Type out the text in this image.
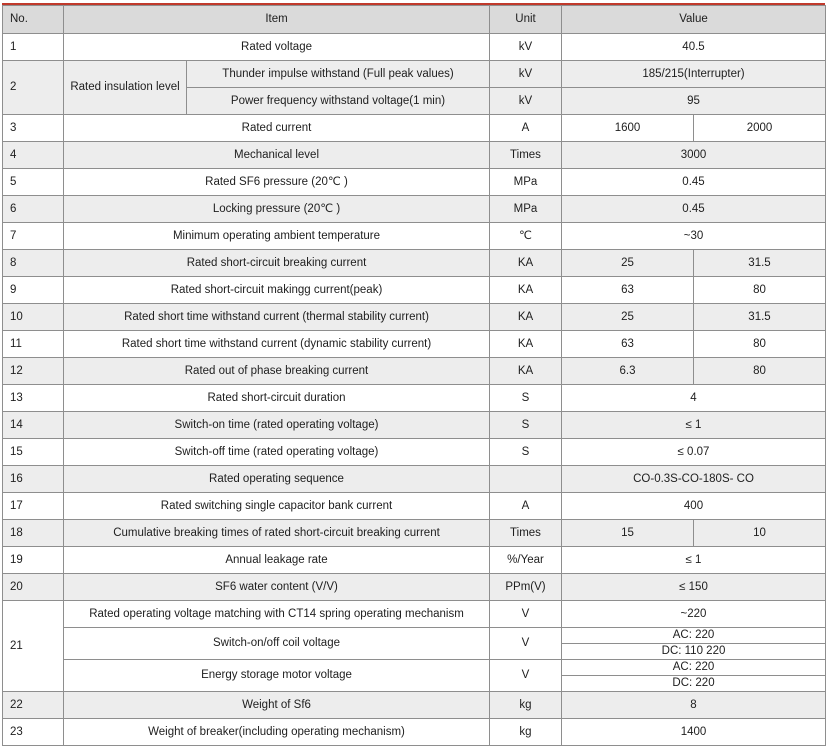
No.	Item		Unit	Value	
1	Rated voltage		kV	40.5	
2	Rated insulation level	Thunder impulse withstand (Full peak values)	kV	185/215(Interrupter)	
		Power frequency withstand voltage(1 min)	kV	95	
3	Rated current		A	1600	2000
4	Mechanical level		Times	3000	
5	Rated SF6 pressure (20℃ )		MPa	0.45	
6	Locking pressure (20℃ )		MPa	0.45	
7	Minimum operating ambient temperature		℃	~30	
8	Rated short-circuit breaking current		KA	25	31.5
9	Rated short-circuit makingg current(peak)		KA	63	80
10	Rated short time withstand current (thermal stability current)		KA	25	31.5
11	Rated short time withstand current (dynamic stability current)		KA	63	80
12	Rated out of phase breaking current		KA	6.3	80
13	Rated short-circuit duration		S	4	
14	Switch-on time (rated operating voltage)		S	≤ 1	
15	Switch-off time (rated operating voltage)		S	≤ 0.07	
16	Rated operating sequence			CO-0.3S-CO-180S- CO	
17	Rated switching single capacitor bank current		A	400	
18	Cumulative breaking times of rated short-circuit breaking current		Times	15	10
19	Annual leakage rate		%/Year	≤ 1	
20	SF6 water content (V/V)		PPm(V)	≤ 150	
21	Rated operating voltage matching with CT14 spring operating mechanism		V	~220	
	Switch-on/off coil voltage		V	AC: 220
DC: 110 220	

	Energy storage motor voltage		V	AC: 220
DC: 220	

22	Weight of Sf6		kg	8	
23	Weight of breaker(including operating mechanism)		kg	1400	
